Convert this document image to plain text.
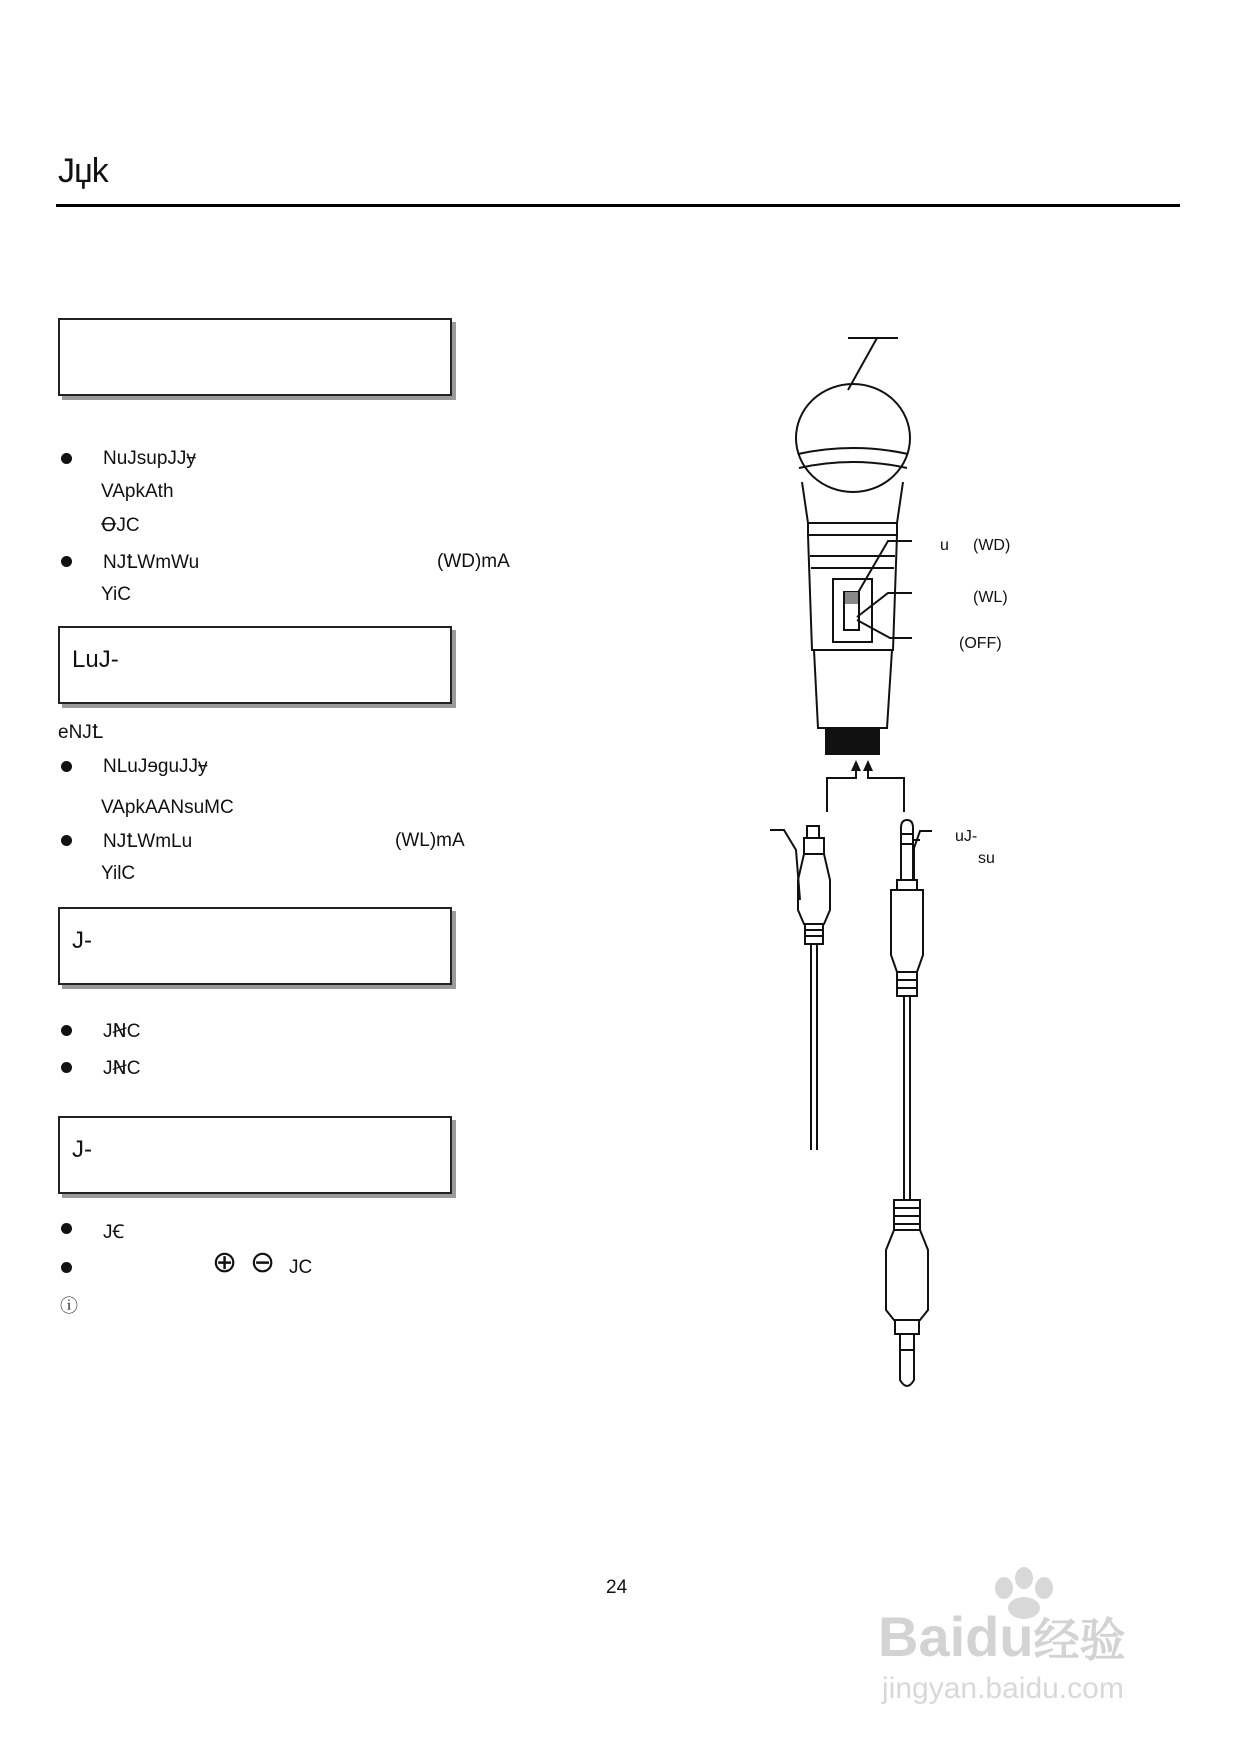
Jџk
NuJsupJJɏ
VApkAth
ꝊJC
NJꝈWmWu	(WD)mA
YiC
LuJ-
eNJꝈ
NLuJɘguJJɏ
VApkAANsuMC
NJꝈWmLu	(WL)mA
YilC
J-
JꞤC
JꞤC
J-
JꞒ
⊕ ⊖ JC
ⓘ
u (WD)
(WL)
(OFF)
uJ-
su
24
Baidu经验
jingyan.baidu.com
